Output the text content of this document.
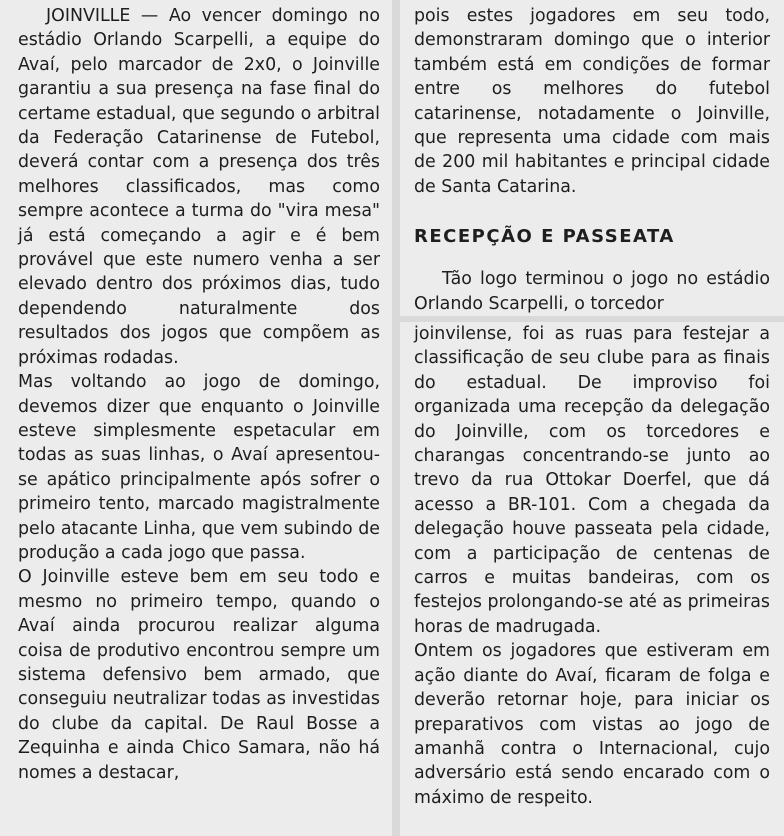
JOINVILLE — Ao vencer domingo no estádio Orlando Scarpelli, a equipe do Avaí, pelo marcador de 2x0, o Joinville garantiu a sua presença na fase final do certame estadual, que segundo o arbitral da Federação Catarinense de Futebol, deverá contar com a presença dos três melhores classificados, mas como sempre acontece a turma do "vira mesa" já está começando a agir e é bem provável que este numero venha a ser elevado dentro dos próximos dias, tudo dependendo naturalmente dos resultados dos jogos que compõem as próximas rodadas.

Mas voltando ao jogo de domingo, devemos dizer que enquanto o Joinville esteve simplesmente espetacular em todas as suas linhas, o Avaí apresentou-se apático principalmente após sofrer o primeiro tento, marcado magistralmente pelo atacante Linha, que vem subindo de produção a cada jogo que passa.

O Joinville esteve bem em seu todo e mesmo no primeiro tempo, quando o Avaí ainda procurou realizar alguma coisa de produtivo encontrou sempre um sistema defensivo bem armado, que conseguiu neutralizar todas as investidas do clube da capital. De Raul Bosse a Zequinha e ainda Chico Samara, não há nomes a destacar,

pois estes jogadores em seu todo, demonstraram domingo que o interior também está em condições de formar entre os melhores do futebol catarinense, notadamente o Joinville, que representa uma cidade com mais de 200 mil habitantes e principal cidade de Santa Catarina.

RECEPÇÃO E PASSEATA

Tão logo terminou o jogo no estádio Orlando Scarpelli, o torcedor

joinvilense, foi as ruas para festejar a classificação de seu clube para as finais do estadual. De improviso foi organizada uma recepção da delegação do Joinville, com os torcedores e charangas concentrando-se junto ao trevo da rua Ottokar Doerfel, que dá acesso a BR-101. Com a chegada da delegação houve passeata pela cidade, com a participação de centenas de carros e muitas bandeiras, com os festejos prolongando-se até as primeiras horas de madrugada.

Ontem os jogadores que estiveram em ação diante do Avaí, ficaram de folga e deverão retornar hoje, para iniciar os preparativos com vistas ao jogo de amanhã contra o Internacional, cujo adversário está sendo encarado com o máximo de respeito.
